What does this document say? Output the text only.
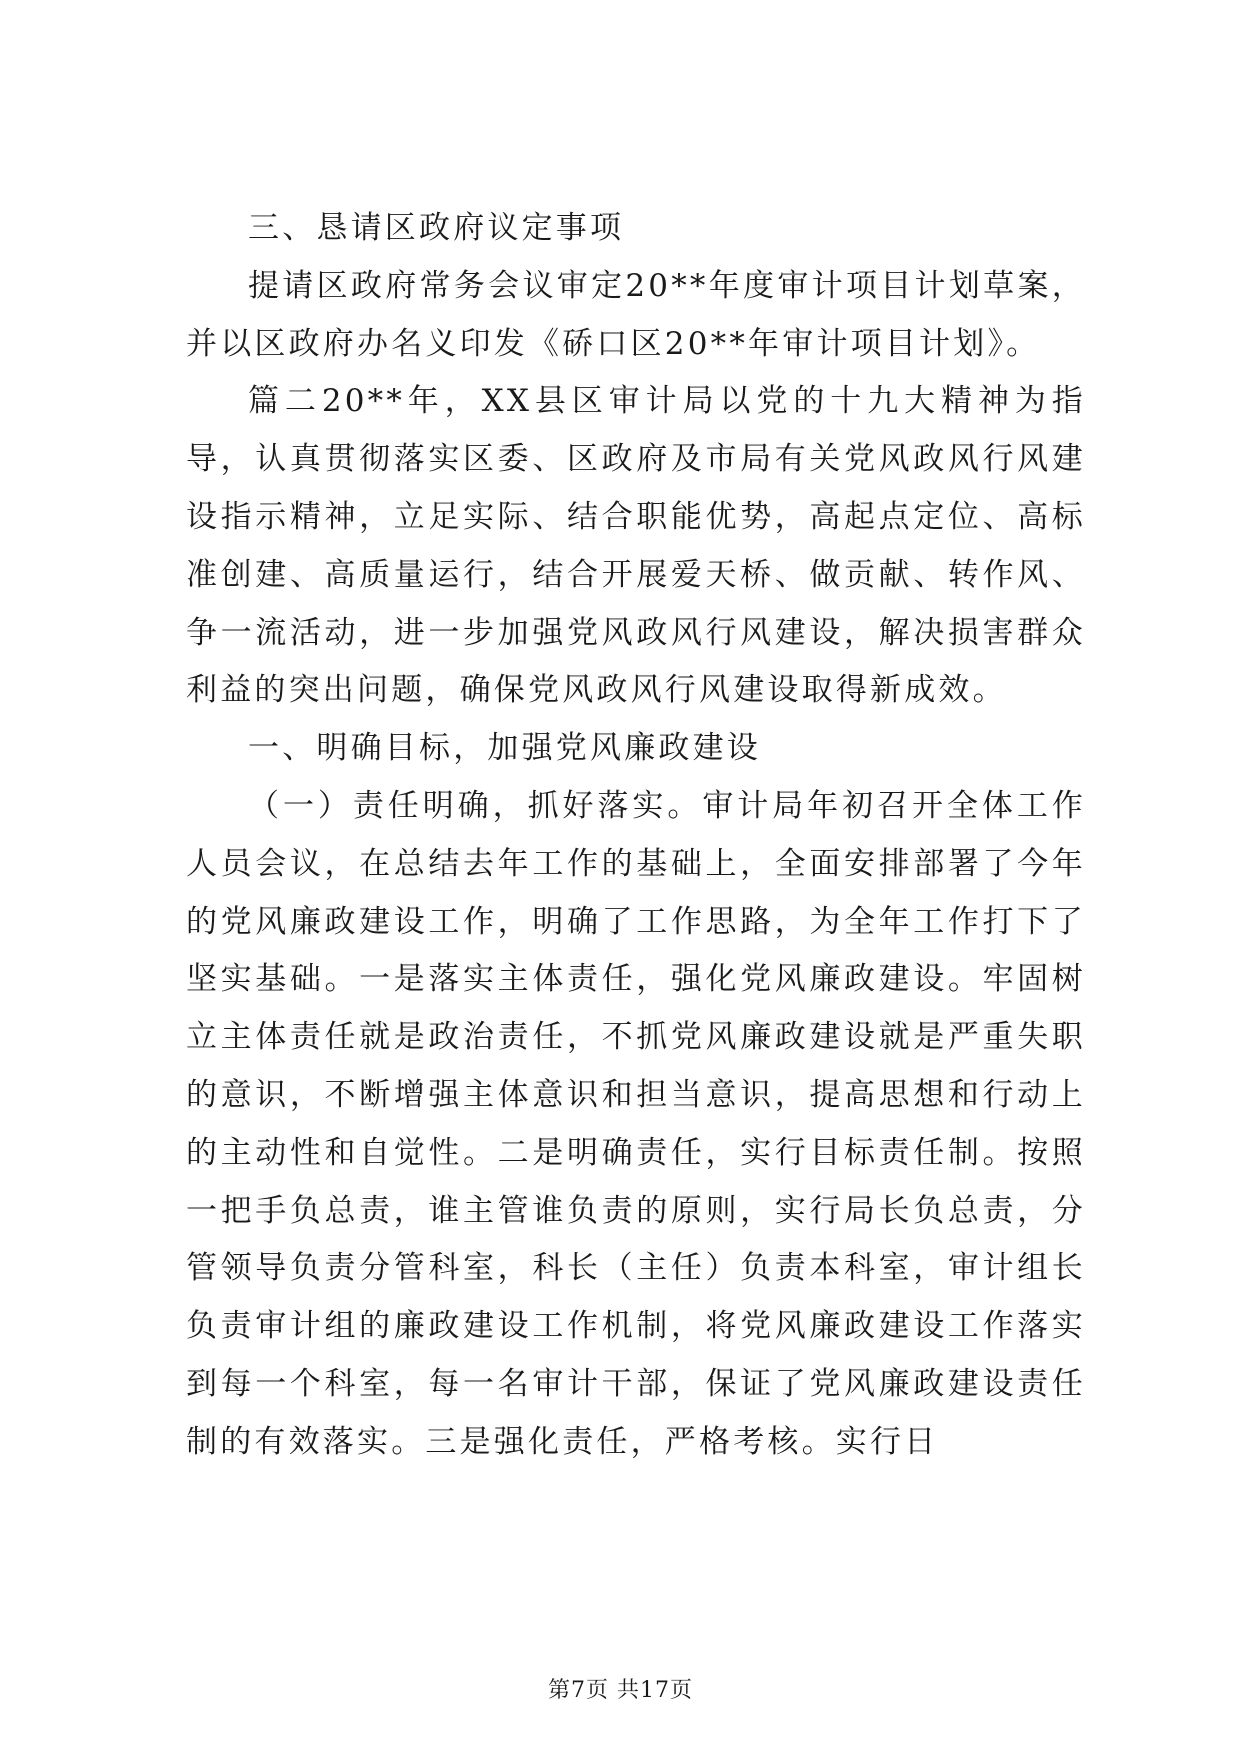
三、恳请区政府议定事项

提请区政府常务会议审定20**年度审计项目计划草案，并以区政府办名义印发《硚口区20**年审计项目计划》。

篇二20**年，XX县区审计局以党的十九大精神为指导，认真贯彻落实区委、区政府及市局有关党风政风行风建设指示精神，立足实际、结合职能优势，高起点定位、高标准创建、高质量运行，结合开展爱天桥、做贡献、转作风、争一流活动，进一步加强党风政风行风建设，解决损害群众利益的突出问题，确保党风政风行风建设取得新成效。

一、明确目标，加强党风廉政建设

（一）责任明确，抓好落实。审计局年初召开全体工作人员会议，在总结去年工作的基础上，全面安排部署了今年的党风廉政建设工作，明确了工作思路，为全年工作打下了坚实基础。一是落实主体责任，强化党风廉政建设。牢固树立主体责任就是政治责任，不抓党风廉政建设就是严重失职的意识，不断增强主体意识和担当意识，提高思想和行动上的主动性和自觉性。二是明确责任，实行目标责任制。按照一把手负总责，谁主管谁负责的原则，实行局长负总责，分管领导负责分管科室，科长（主任）负责本科室，审计组长负责审计组的廉政建设工作机制，将党风廉政建设工作落实到每一个科室，每一名审计干部，保证了党风廉政建设责任制的有效落实。三是强化责任，严格考核。实行日

第7页 共17页
